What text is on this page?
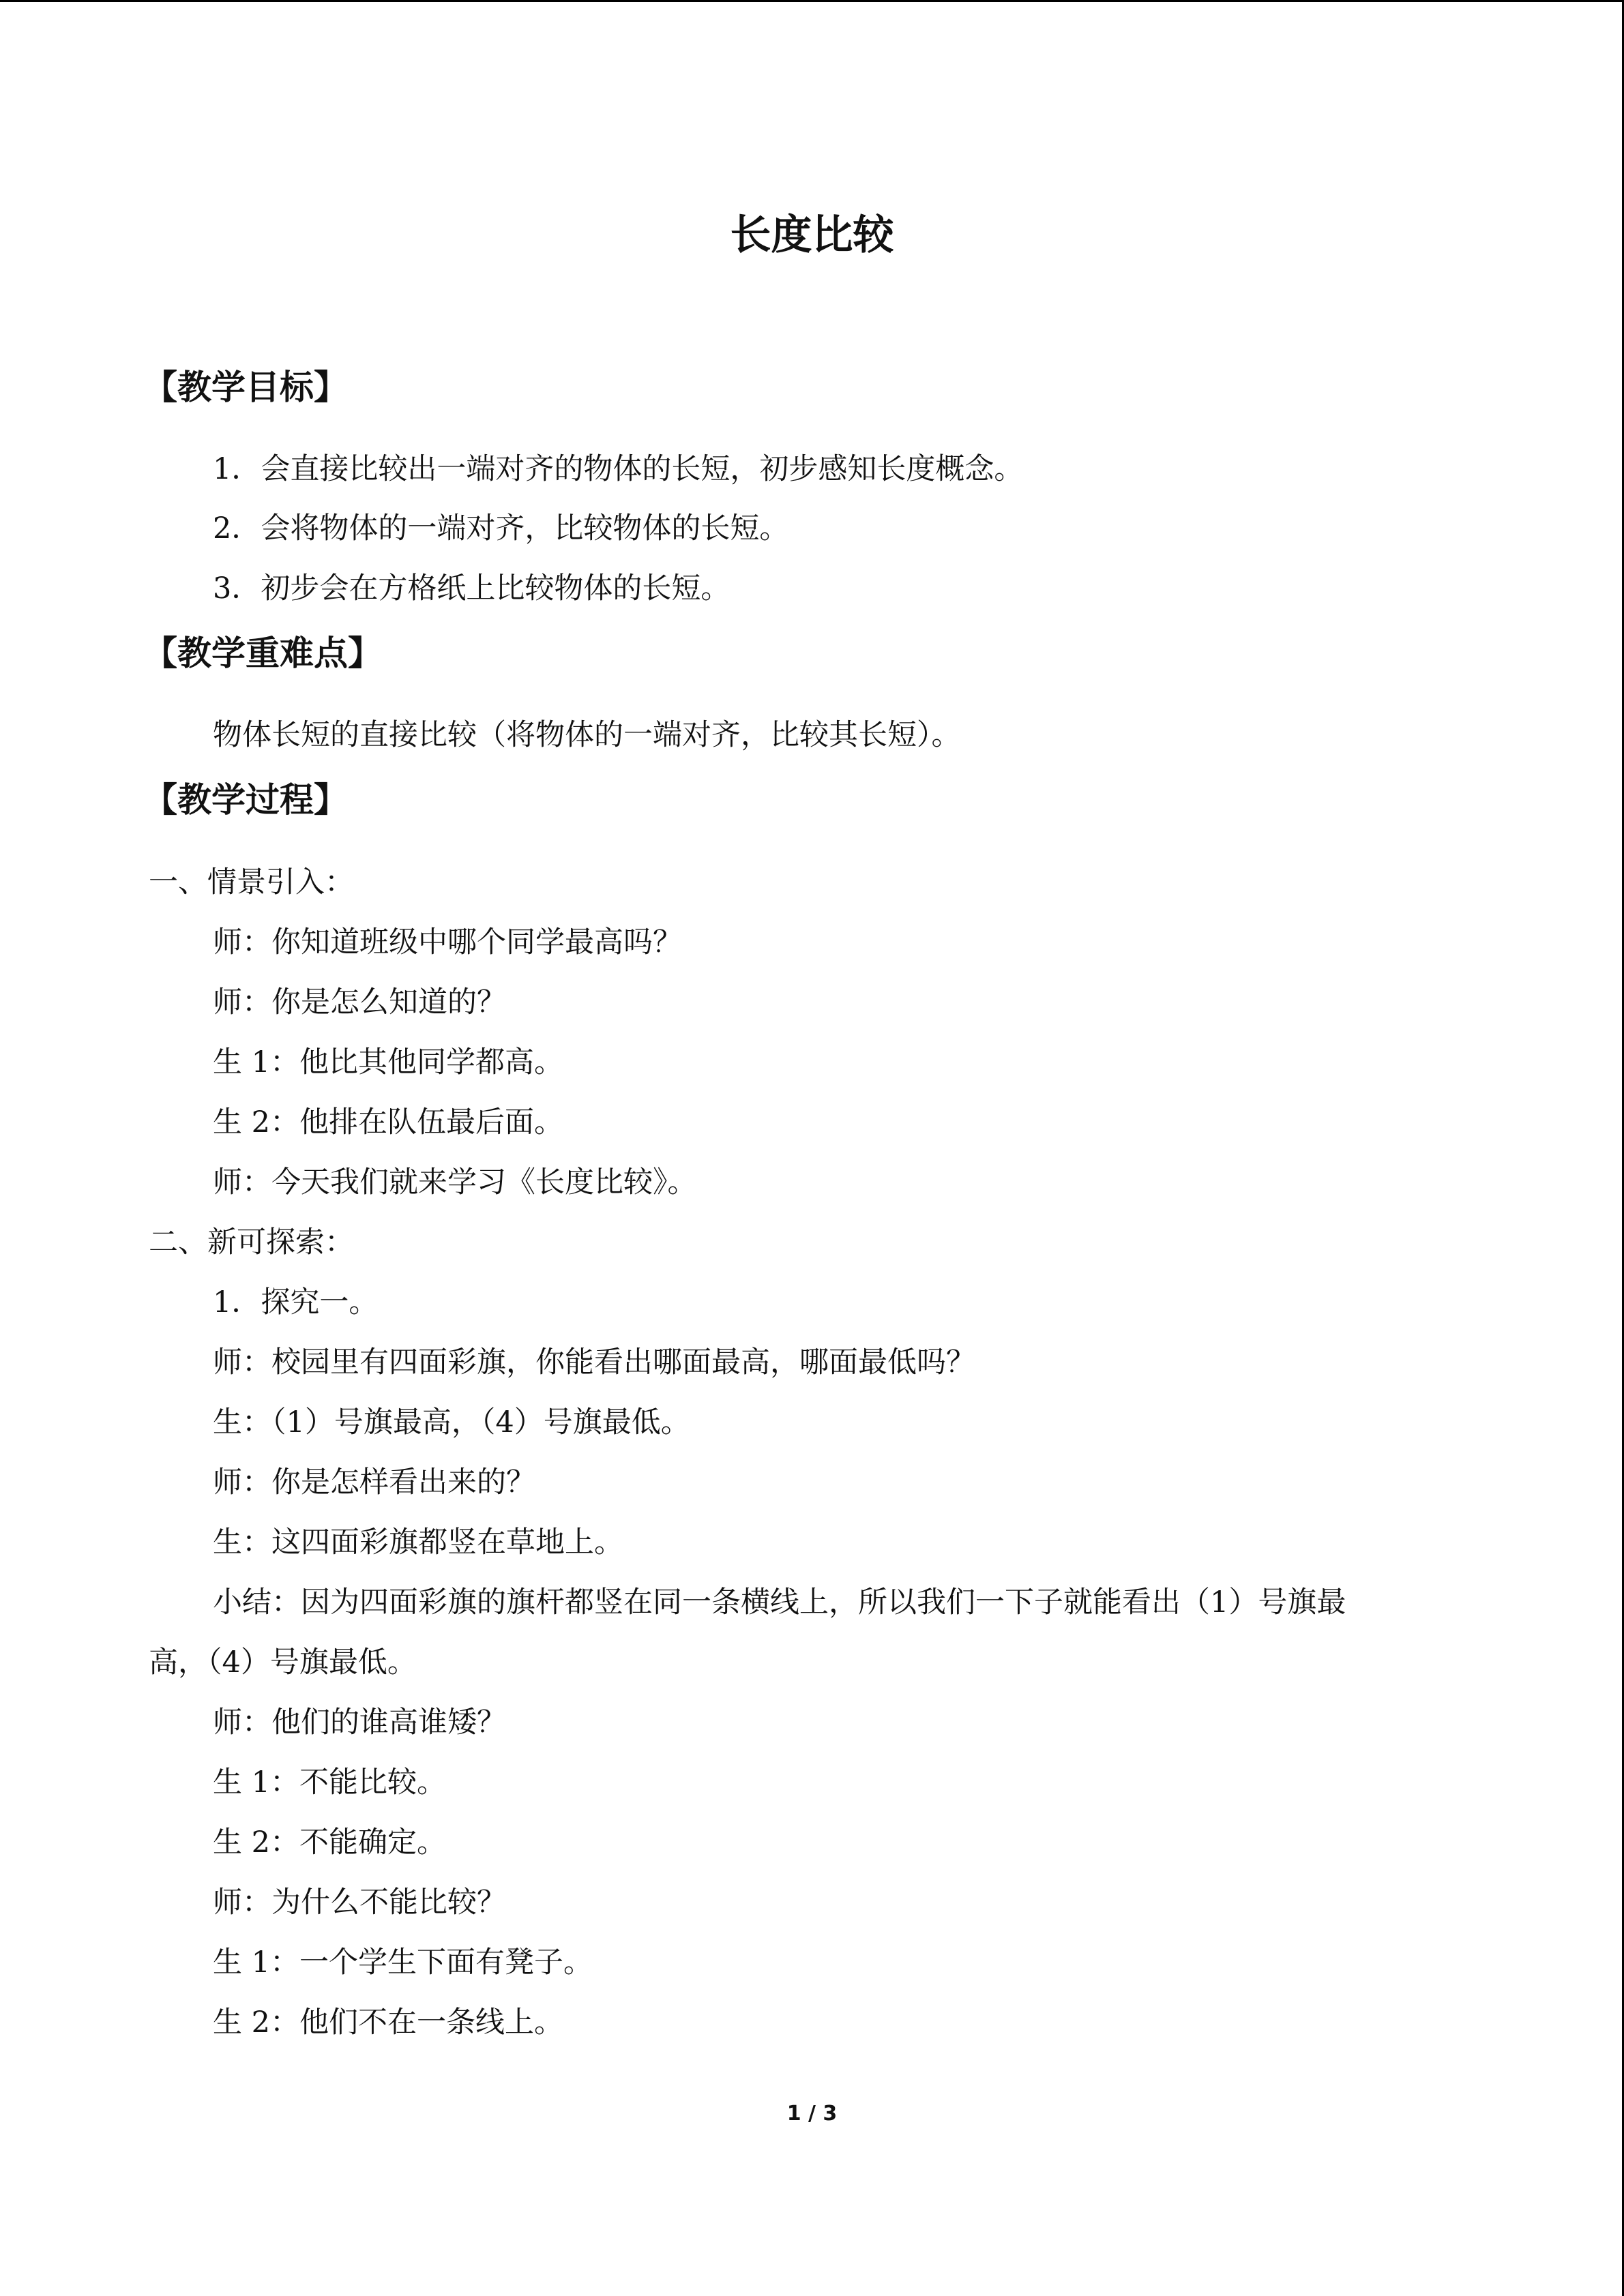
长度比较
【教学目标】
1．会直接比较出一端对齐的物体的长短，初步感知长度概念。
2．会将物体的一端对齐，比较物体的长短。
3．初步会在方格纸上比较物体的长短。
【教学重难点】
物体长短的直接比较（将物体的一端对齐，比较其长短）。
【教学过程】
一、情景引入：
师：你知道班级中哪个同学最高吗？
师：你是怎么知道的？
生 1：他比其他同学都高。
生 2：他排在队伍最后面。
师：今天我们就来学习《长度比较》。
二、新可探索：
1．探究一。
师：校园里有四面彩旗，你能看出哪面最高，哪面最低吗？
生：（1）号旗最高，（4）号旗最低。
师：你是怎样看出来的？
生：这四面彩旗都竖在草地上。
小结：因为四面彩旗的旗杆都竖在同一条横线上，所以我们一下子就能看出（1）号旗最
高，（4）号旗最低。
师：他们的谁高谁矮？
生 1：不能比较。
生 2：不能确定。
师：为什么不能比较？
生 1：一个学生下面有凳子。
生 2：他们不在一条线上。
1 / 3
